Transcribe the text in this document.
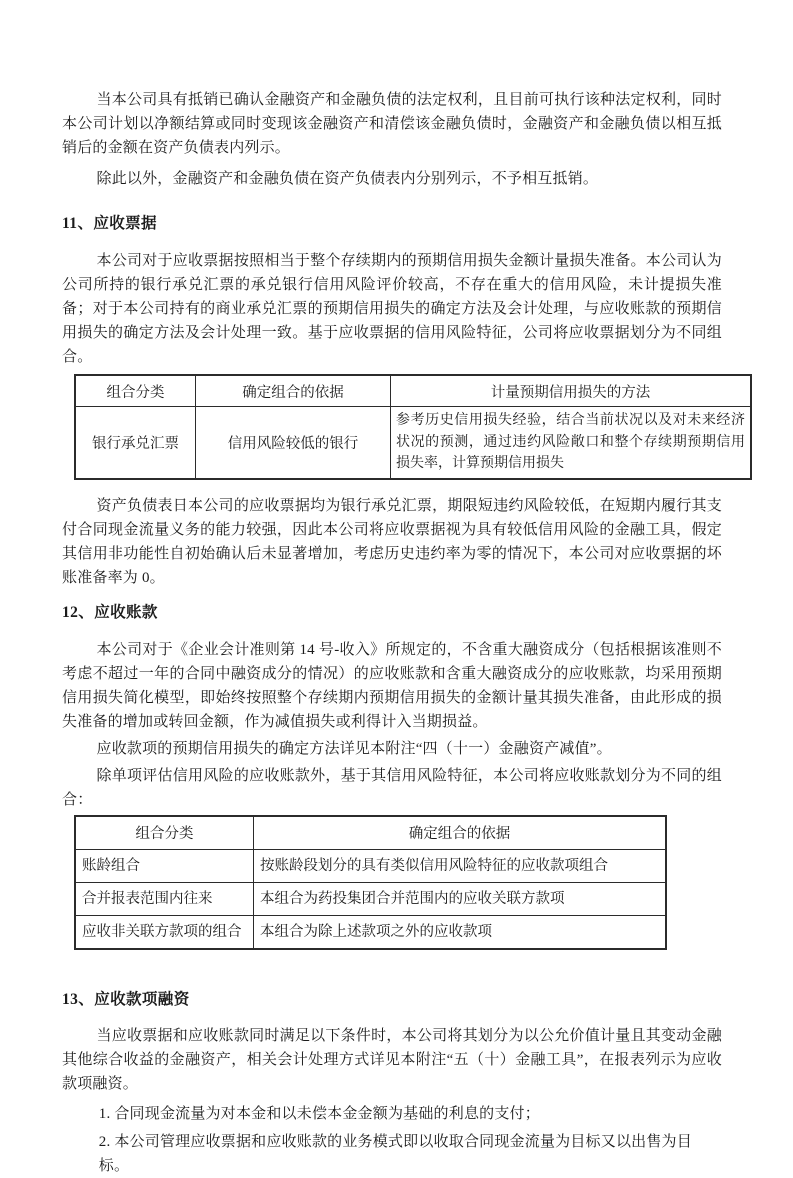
当本公司具有抵销已确认金融资产和金融负债的法定权利，且目前可执行该种法定权利，同时本公司计划以净额结算或同时变现该金融资产和清偿该金融负债时，金融资产和金融负债以相互抵销后的金额在资产负债表内列示。

除此以外，金融资产和金融负债在资产负债表内分别列示，不予相互抵销。

11、应收票据

本公司对于应收票据按照相当于整个存续期内的预期信用损失金额计量损失准备。本公司认为公司所持的银行承兑汇票的承兑银行信用风险评价较高，不存在重大的信用风险，未计提损失准备；对于本公司持有的商业承兑汇票的预期信用损失的确定方法及会计处理，与应收账款的预期信用损失的确定方法及会计处理一致。基于应收票据的信用风险特征，公司将应收票据划分为不同组合。

组合分类	确定组合的依据	计量预期信用损失的方法
银行承兑汇票	信用风险较低的银行	参考历史信用损失经验，结合当前状况以及对未来经济状况的预测，通过违约风险敞口和整个存续期预期信用损失率，计算预期信用损失

资产负债表日本公司的应收票据均为银行承兑汇票，期限短违约风险较低，在短期内履行其支付合同现金流量义务的能力较强，因此本公司将应收票据视为具有较低信用风险的金融工具，假定其信用非功能性自初始确认后未显著增加，考虑历史违约率为零的情况下，本公司对应收票据的坏账准备率为 0。

12、应收账款

本公司对于《企业会计准则第 14 号-收入》所规定的，不含重大融资成分（包括根据该准则不考虑不超过一年的合同中融资成分的情况）的应收账款和含重大融资成分的应收账款，均采用预期信用损失简化模型，即始终按照整个存续期内预期信用损失的金额计量其损失准备，由此形成的损失准备的增加或转回金额，作为减值损失或利得计入当期损益。

应收款项的预期信用损失的确定方法详见本附注“四（十一）金融资产减值”。

除单项评估信用风险的应收账款外，基于其信用风险特征，本公司将应收账款划分为不同的组合：

组合分类	确定组合的依据
账龄组合	按账龄段划分的具有类似信用风险特征的应收款项组合
合并报表范围内往来	本组合为药投集团合并范围内的应收关联方款项
应收非关联方款项的组合	本组合为除上述款项之外的应收款项
13、应收款项融资

当应收票据和应收账款同时满足以下条件时，本公司将其划分为以公允价值计量且其变动金融其他综合收益的金融资产，相关会计处理方式详见本附注“五（十）金融工具”，在报表列示为应收款项融资。

1. 合同现金流量为对本金和以未偿本金金额为基础的利息的支付；

2. 本公司管理应收票据和应收账款的业务模式即以收取合同现金流量为目标又以出售为目标。
